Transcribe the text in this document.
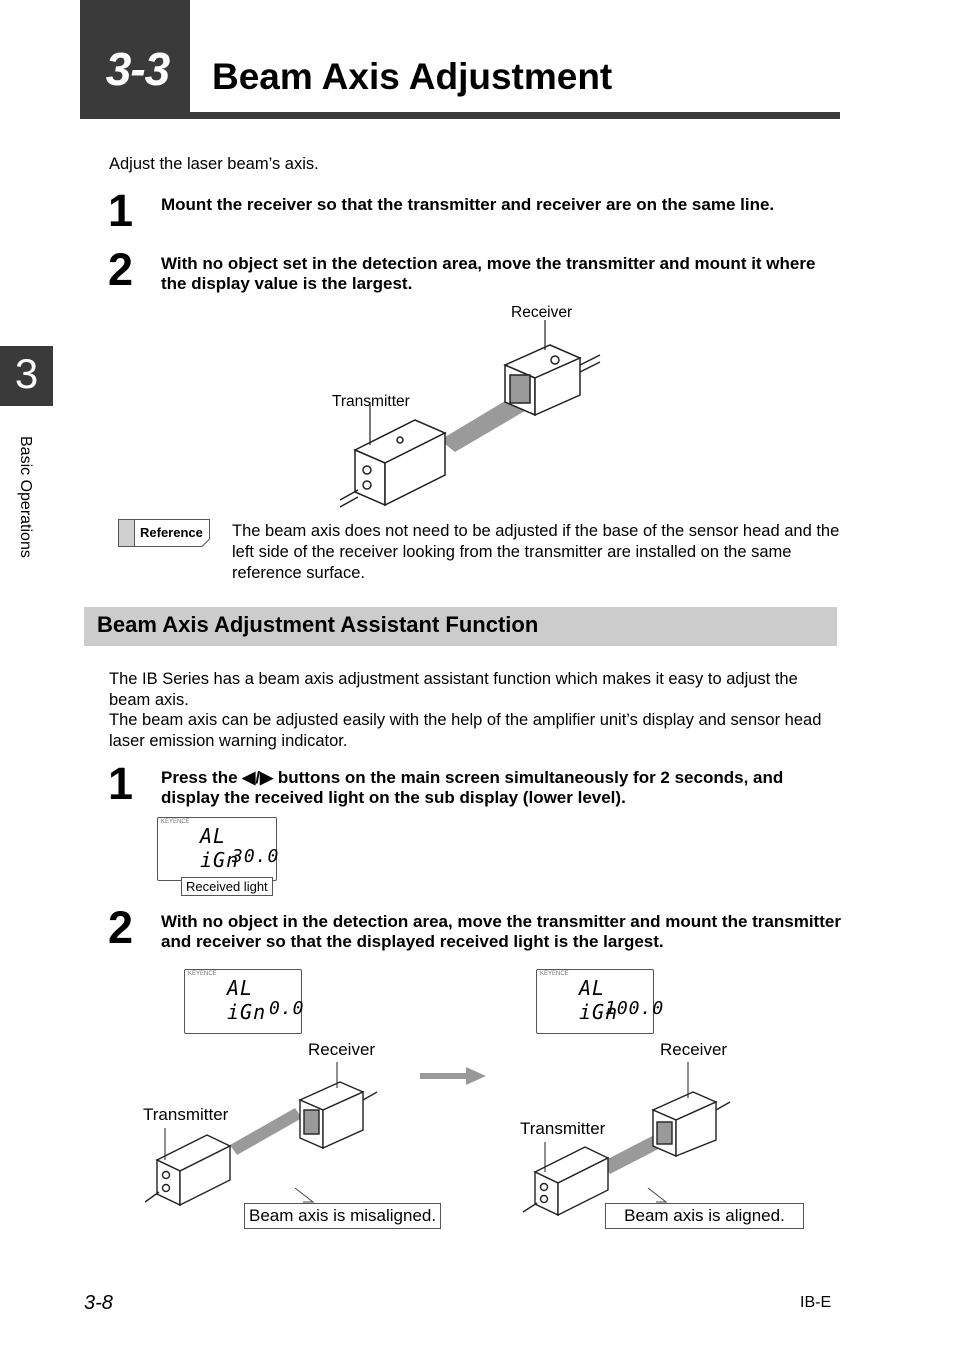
3-3	Beam Axis Adjustment
3
Basic Operations
Adjust the laser beam’s axis.
1 Mount the receiver so that the transmitter and receiver are on the same line.
2 With no object set in the detection area, move the transmitter and mount it where the display value is the largest.
Receiver
Transmitter
Reference The beam axis does not need to be adjusted if the base of the sensor head and the left side of the receiver looking from the transmitter are installed on the same reference surface.
Beam Axis Adjustment Assistant Function
The IB Series has a beam axis adjustment assistant function which makes it easy to adjust the beam axis.
The beam axis can be adjusted easily with the help of the amplifier unit’s display and sensor head laser emission warning indicator.
1 Press the ◀/▶ buttons on the main screen simultaneously for 2 seconds, and display the received light on the sub display (lower level).
KEYENCE
AL iGn
30.0
Received light
2 With no object in the detection area, move the transmitter and mount the transmitter and receiver so that the displayed received light is the largest.
KEYENCE
AL iGn 0.0
KEYENCE
AL iGn
100.0
Receiver
Transmitter
Beam axis is misaligned.
Receiver
Transmitter
Beam axis is aligned.
3-8	IB-E
